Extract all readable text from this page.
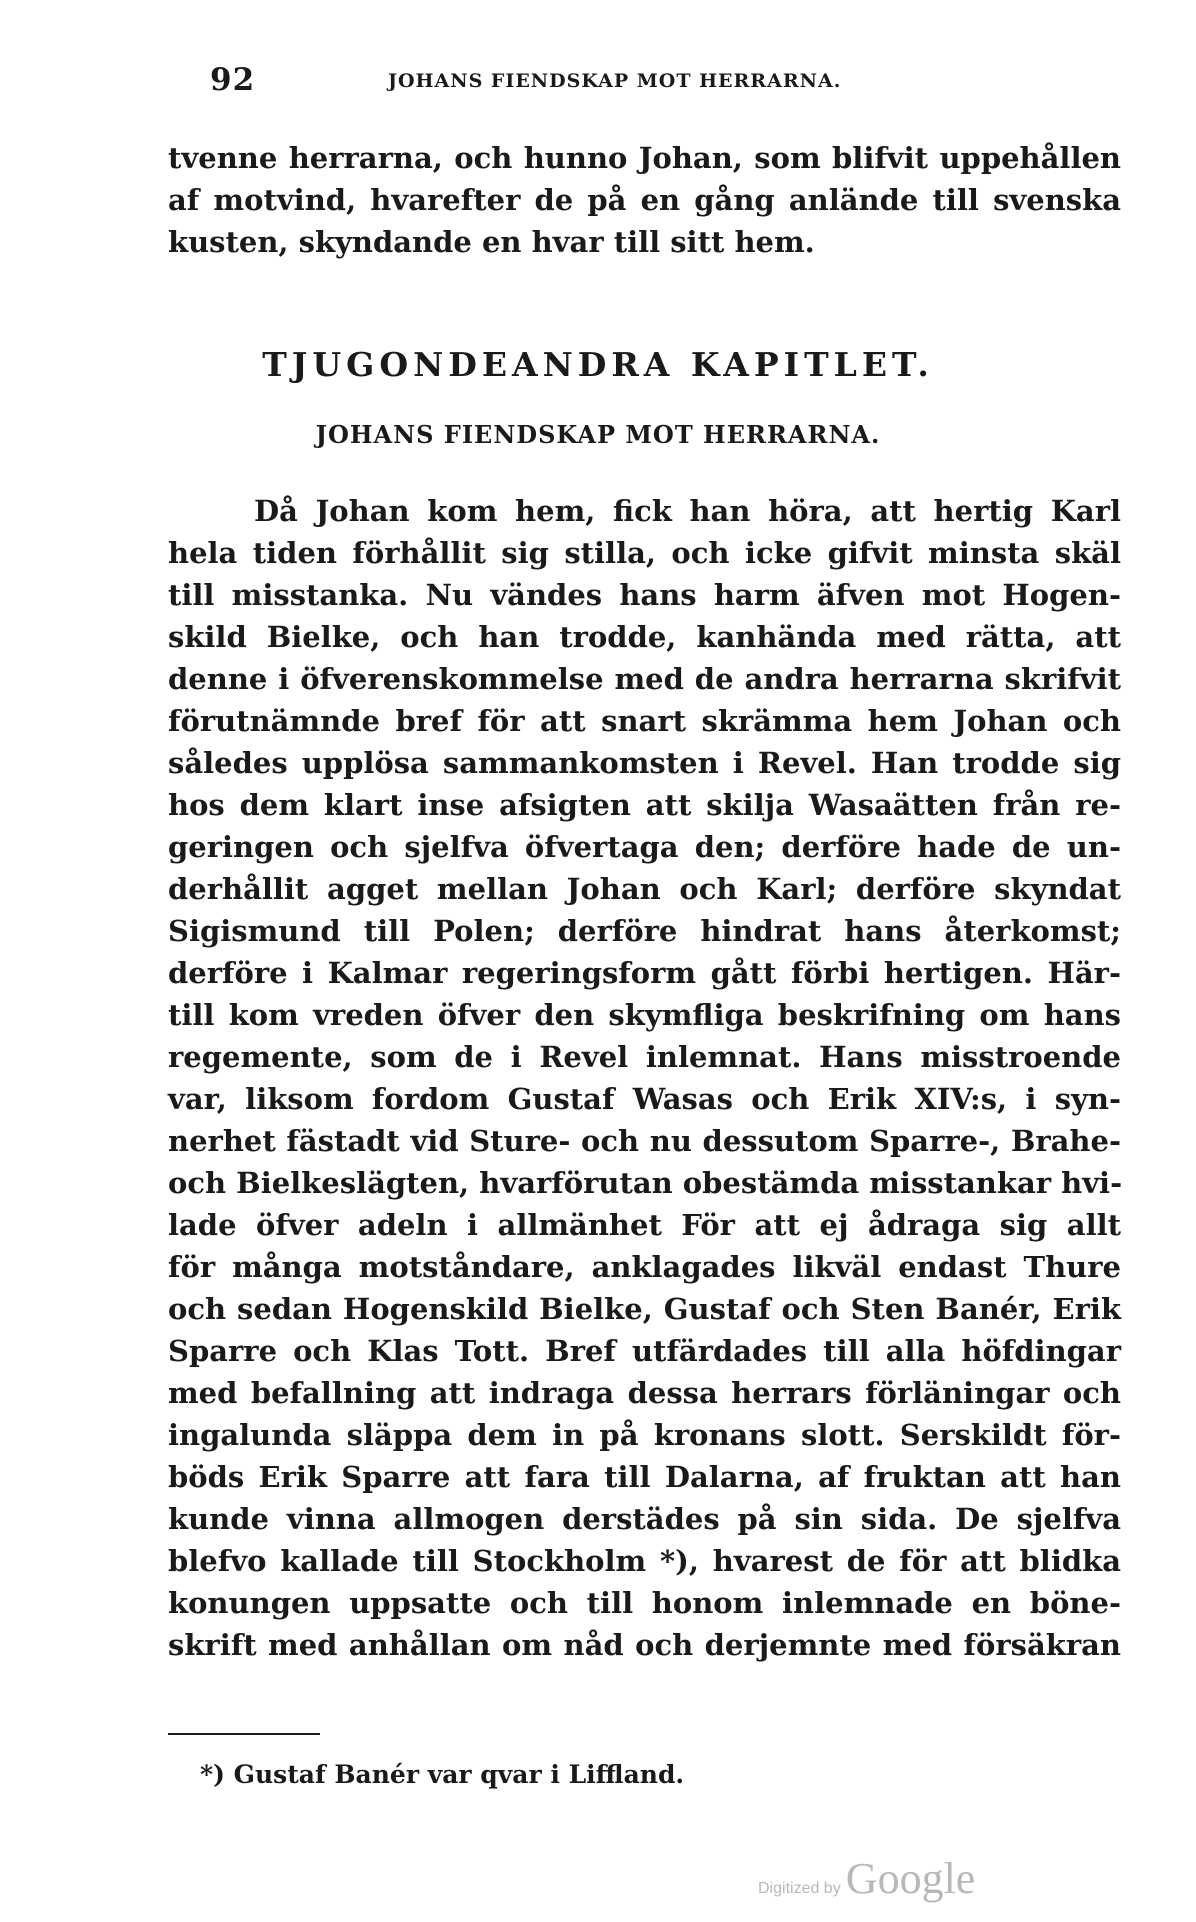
92	JOHANS FIENDSKAP MOT HERRARNA.
tvenne herrarna, och hunno Johan, som blifvit uppehållen
af motvind, hvarefter de på en gång anlände till svenska
kusten, skyndande en hvar till sitt hem.
TJUGONDEANDRA KAPITLET.
JOHANS FIENDSKAP MOT HERRARNA.
Då Johan kom hem, fick han höra, att hertig Karl
hela tiden förhållit sig stilla, och icke gifvit minsta skäl
till misstanka. Nu vändes hans harm äfven mot Hogen-
skild Bielke, och han trodde, kanhända med rätta, att
denne i öfverenskommelse med de andra herrarna skrifvit
förutnämnde bref för att snart skrämma hem Johan och
således upplösa sammankomsten i Revel. Han trodde sig
hos dem klart inse afsigten att skilja Wasaätten från re-
geringen och sjelfva öfvertaga den; derföre hade de un-
derhållit agget mellan Johan och Karl; derföre skyndat
Sigismund till Polen; derföre hindrat hans återkomst;
derföre i Kalmar regeringsform gått förbi hertigen. Här-
till kom vreden öfver den skymfliga beskrifning om hans
regemente, som de i Revel inlemnat. Hans misstroende
var, liksom fordom Gustaf Wasas och Erik XIV:s, i syn-
nerhet fästadt vid Sture- och nu dessutom Sparre-, Brahe-
och Bielkeslägten, hvarförutan obestämda misstankar hvi-
lade öfver adeln i allmänhet För att ej ådraga sig allt
för många motståndare, anklagades likväl endast Thure
och sedan Hogenskild Bielke, Gustaf och Sten Banér, Erik
Sparre och Klas Tott. Bref utfärdades till alla höfdingar
med befallning att indraga dessa herrars förläningar och
ingalunda släppa dem in på kronans slott. Serskildt för-
böds Erik Sparre att fara till Dalarna, af fruktan att han
kunde vinna allmogen derstädes på sin sida. De sjelfva
blefvo kallade till Stockholm *), hvarest de för att blidka
konungen uppsatte och till honom inlemnade en böne-
skrift med anhållan om nåd och derjemnte med försäkran
*) Gustaf Banér var qvar i Liffland.
Digitized by Google
